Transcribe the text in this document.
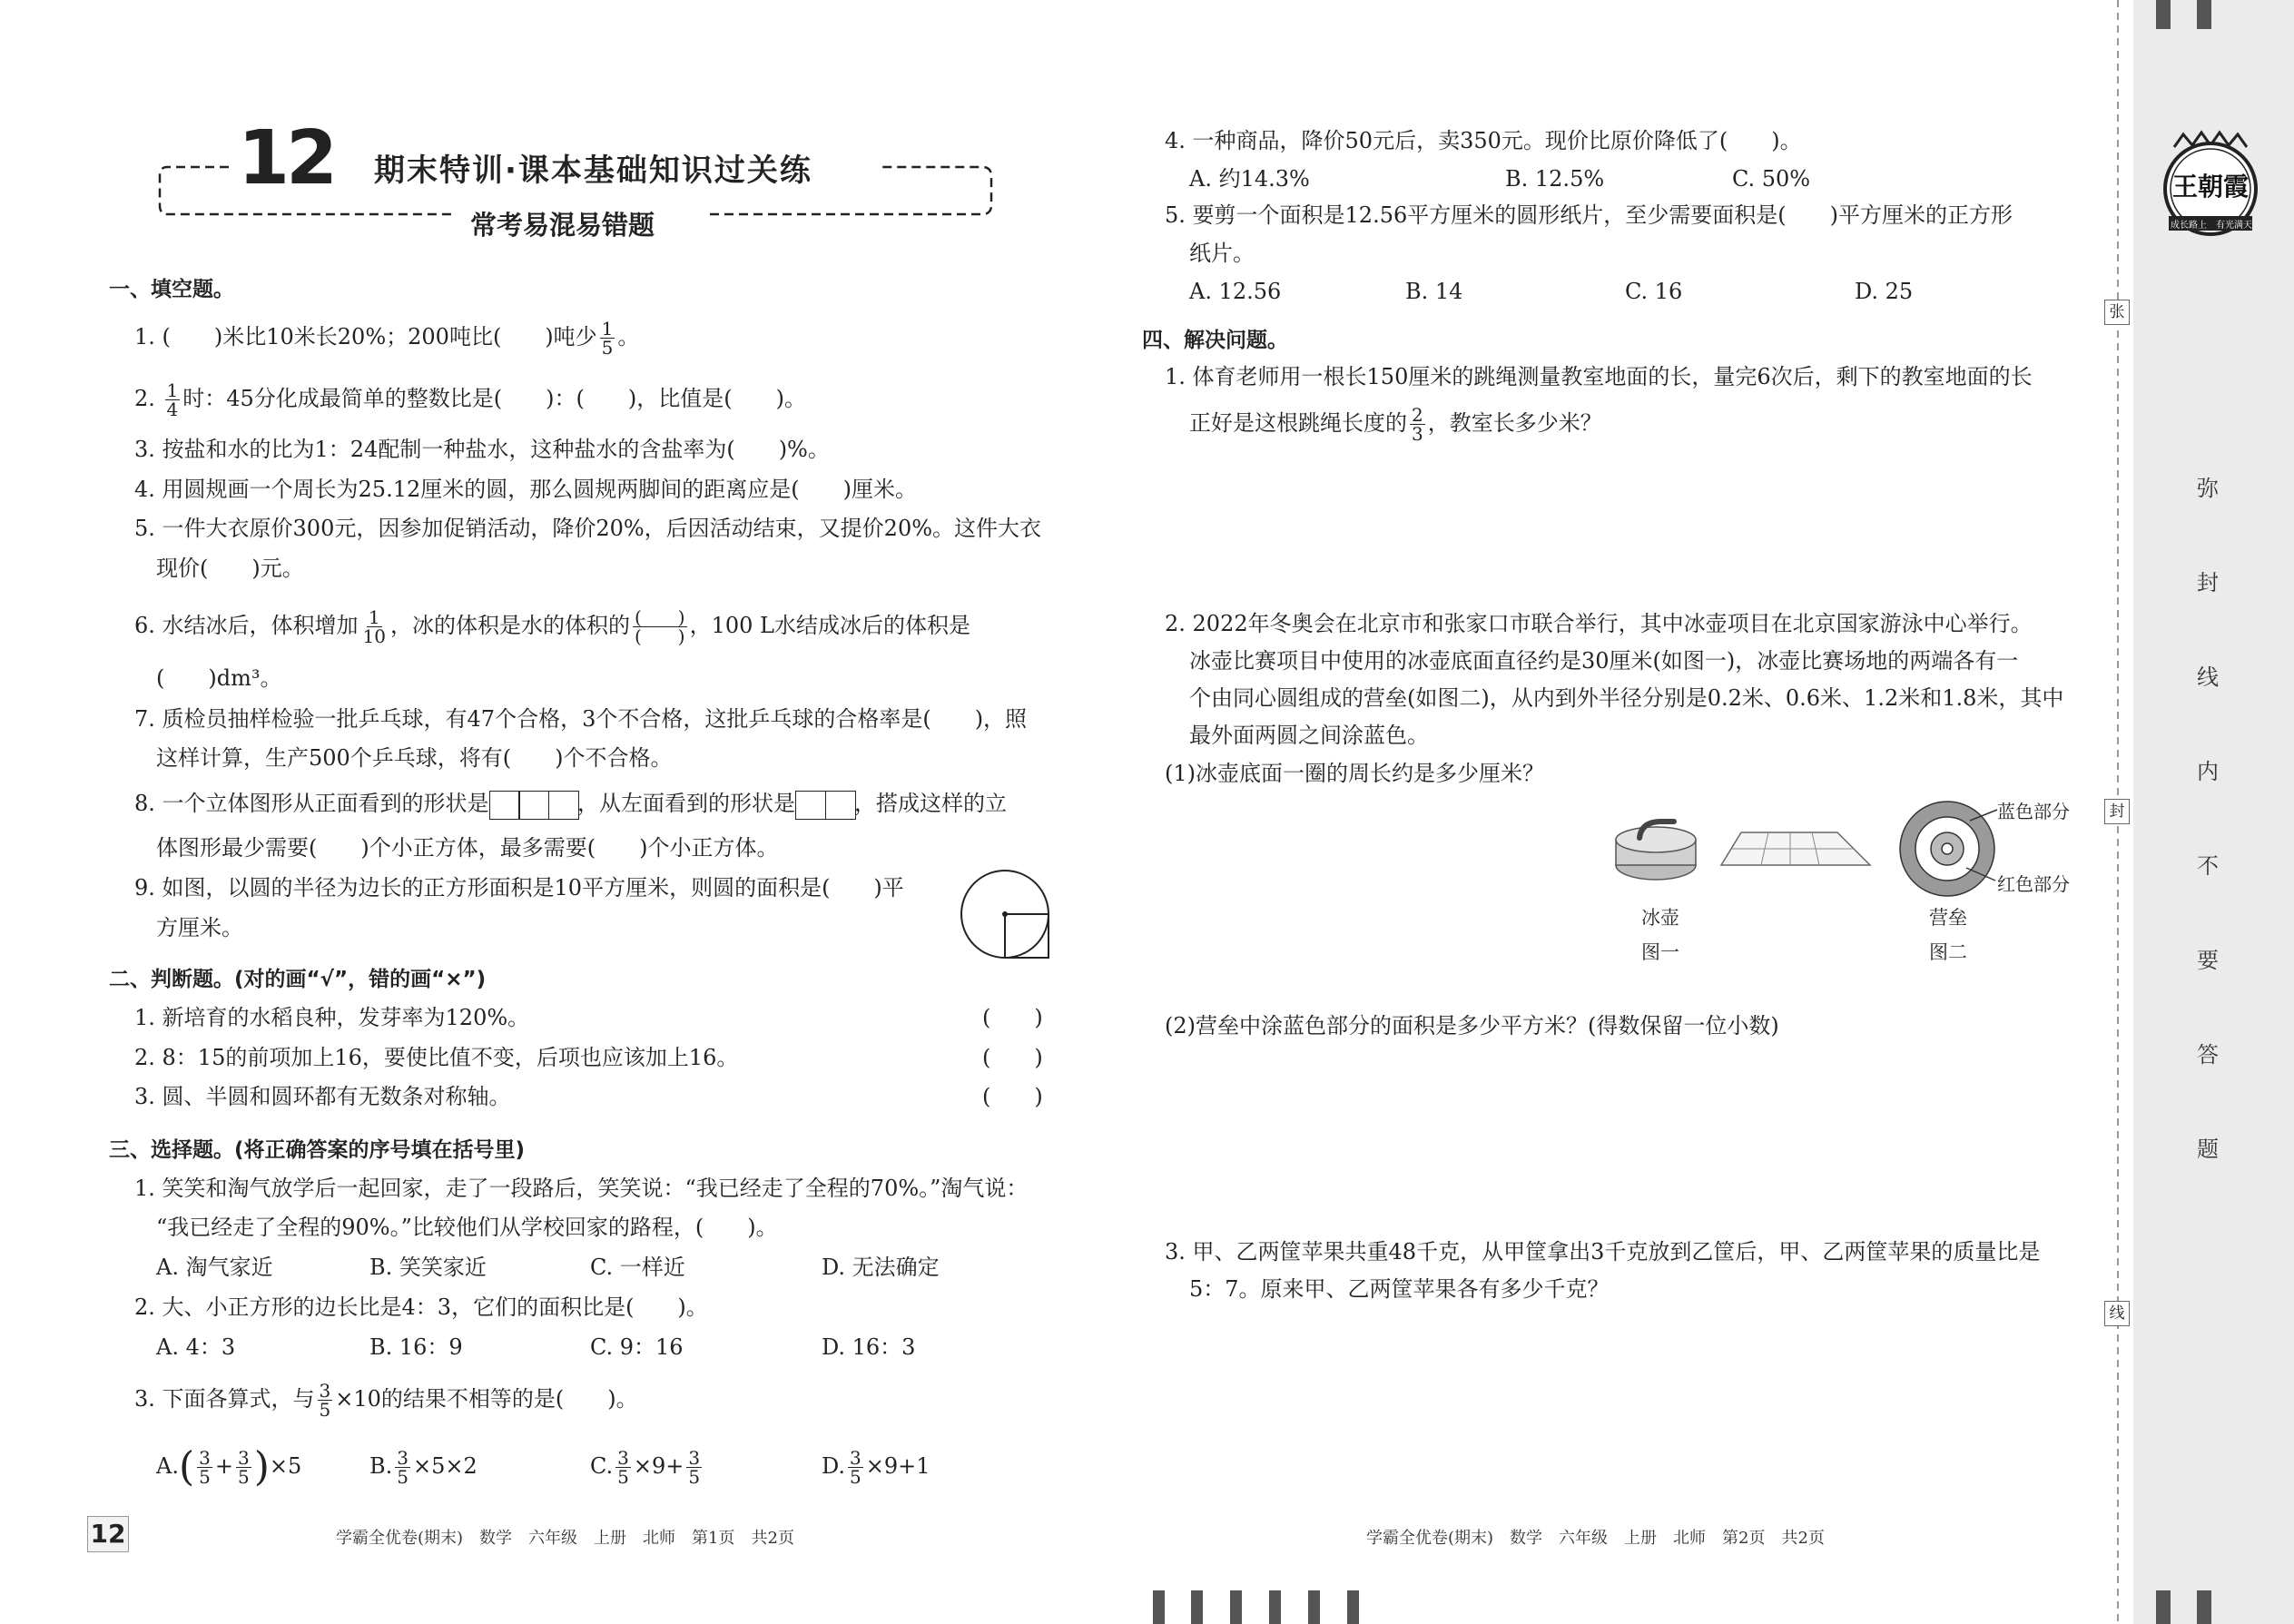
12 期末特训·课本基础知识过关练
常考易混易错题
一、填空题。
1. (　　)米比10米长20%；200吨比(　　)吨少 $\frac{1}{5}$ 。
2. $\frac{1}{4}$ 时：45分化成最简单的整数比是(　　)：(　　)，比值是(　　)。
3. 按盐和水的比为1：24配制一种盐水，这种盐水的含盐率为(　　)%。
4. 用圆规画一个周长为25.12厘米的圆，那么圆规两脚间的距离应是(　　)厘米。
5. 一件大衣原价300元，因参加促销活动，降价20%，后因活动结束，又提价20%。这件大衣
现价(　　)元。
6. 水结冰后，体积增加 $\frac{1}{10}$ ，冰的体积是水的体积的 $\frac{( )}{( )}$ ，100 L水结成冰后的体积是
(　　)dm³。
7. 质检员抽样检验一批乒乓球，有47个合格，3个不合格，这批乒乓球的合格率是(　　)，照
这样计算，生产500个乒乓球，将有(　　)个不合格。
8. 一个立体图形从正面看到的形状是	，从左面看到的形状是	，搭成这样的立
体图形最少需要(　　)个小正方体，最多需要(　　)个小正方体。
9. 如图，以圆的半径为边长的正方形面积是10平方厘米，则圆的面积是(　　)平
方厘米。
二、判断题。(对的画“√”，错的画“×”)
1. 新培育的水稻良种，发芽率为120%。	(　　)
2. 8：15的前项加上16，要使比值不变，后项也应该加上16。	(　　)
3. 圆、半圆和圆环都有无数条对称轴。	(　　)
三、选择题。(将正确答案的序号填在括号里)
1. 笑笑和淘气放学后一起回家，走了一段路后，笑笑说：“我已经走了全程的70%。”淘气说：
“我已经走了全程的90%。”比较他们从学校回家的路程，(　　)。
A. 淘气家近	B. 笑笑家近	C. 一样近	D. 无法确定
2. 大、小正方形的边长比是4：3，它们的面积比是(　　)。
A. 4：3	B. 16：9	C. 9：16	D. 16：3
3. 下面各算式，与 $\frac{3}{5} \times 10$的结果不相等的是(　　)。
$A.( \frac{3}{5} + \frac{3}{5} )\times 5$	B. $\frac{3}{5} \times 5\times 2$	C. $\frac{3}{5} \times 9+ \frac{3}{5}$	D. $\frac{3}{5} \times 9+1$
4. 一种商品，降价50元后，卖350元。现价比原价降低了(　　)。
A. 约14.3%	B. 12.5%	C. 50%
5. 要剪一个面积是12.56平方厘米的圆形纸片，至少需要面积是(　　)平方厘米的正方形
纸片。
A. 12.56	B. 14	C. 16	D. 25
四、解决问题。
1. 体育老师用一根长150厘米的跳绳测量教室地面的长，量完6次后，剩下的教室地面的长
正好是这根跳绳长度的 $\frac{2}{3}$ ，教室长多少米？
2. 2022年冬奥会在北京市和张家口市联合举行，其中冰壶项目在北京国家游泳中心举行。
冰壶比赛项目中使用的冰壶底面直径约是30厘米(如图一)，冰壶比赛场地的两端各有一
个由同心圆组成的营垒(如图二)，从内到外半径分别是0.2米、0.6米、1.2米和1.8米，其中
最外面两圆之间涂蓝色。
(1)冰壶底面一圈的周长约是多少厘米？
冰壶
图一
蓝色部分
红色部分
营垒
图二
(2)营垒中涂蓝色部分的面积是多少平方米？(得数保留一位小数)
3. 甲、乙两筐苹果共重48千克，从甲筐拿出3千克放到乙筐后，甲、乙两筐苹果的质量比是
5：7。原来甲、乙两筐苹果各有多少千克？
12	学霸全优卷(期末)　数学　六年级　上册　北师　第1页　共2页	学霸全优卷(期末)　数学　六年级　上册　北师　第2页　共2页
张
封
线
王朝霞
成长路上　有光满天
弥
封
线
内
不
要
答
题
